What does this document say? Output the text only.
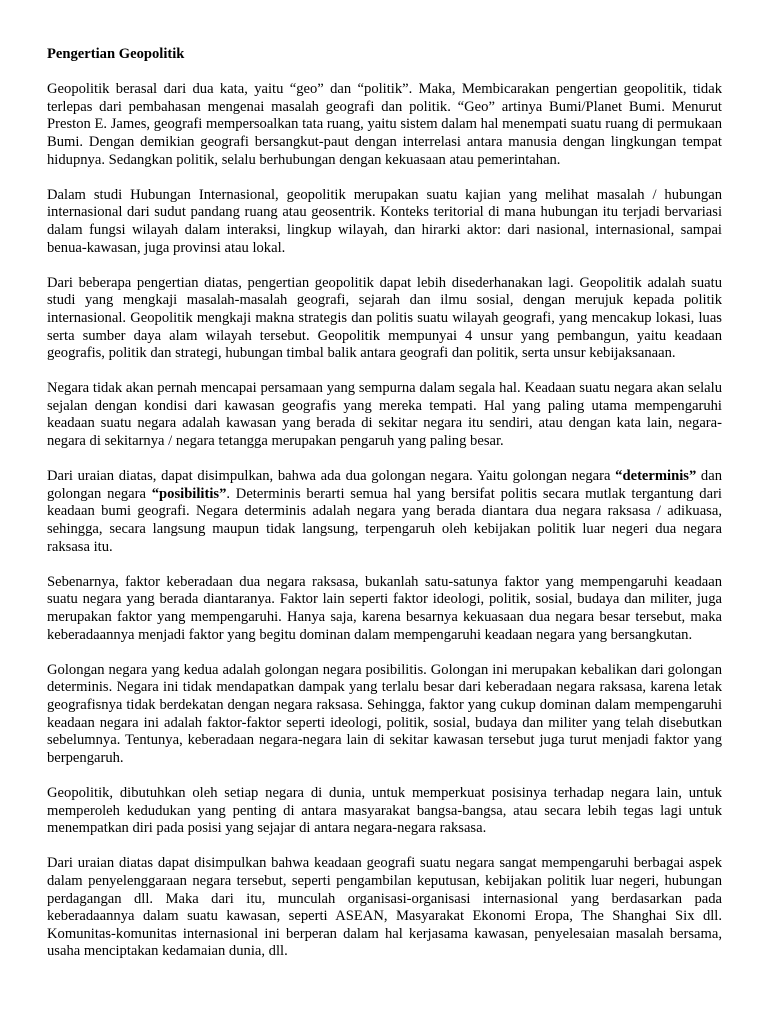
Pengertian Geopolitik

Geopolitik berasal dari dua kata, yaitu “geo” dan “politik”. Maka, Membicarakan pengertian geopolitik, tidak terlepas dari pembahasan mengenai masalah geografi dan politik. “Geo” artinya Bumi/Planet Bumi. Menurut Preston E. James, geografi mempersoalkan tata ruang, yaitu sistem dalam hal menempati suatu ruang di permukaan Bumi. Dengan demikian geografi bersangkut-paut dengan interrelasi antara manusia dengan lingkungan tempat hidupnya. Sedangkan politik, selalu berhubungan dengan kekuasaan atau pemerintahan.

Dalam studi Hubungan Internasional, geopolitik merupakan suatu kajian yang melihat masalah / hubungan internasional dari sudut pandang ruang atau geosentrik. Konteks teritorial di mana hubungan itu terjadi bervariasi dalam fungsi wilayah dalam interaksi, lingkup wilayah, dan hirarki aktor: dari nasional, internasional, sampai benua-kawasan, juga provinsi atau lokal.

Dari beberapa pengertian diatas, pengertian geopolitik dapat lebih disederhanakan lagi. Geopolitik adalah suatu studi yang mengkaji masalah-masalah geografi, sejarah dan ilmu sosial, dengan merujuk kepada politik internasional. Geopolitik mengkaji makna strategis dan politis suatu wilayah geografi, yang mencakup lokasi, luas serta sumber daya alam wilayah tersebut. Geopolitik mempunyai 4 unsur yang pembangun, yaitu keadaan geografis, politik dan strategi, hubungan timbal balik antara geografi dan politik, serta unsur kebijaksanaan.

Negara tidak akan pernah mencapai persamaan yang sempurna dalam segala hal. Keadaan suatu negara akan selalu sejalan dengan kondisi dari kawasan geografis yang mereka tempati. Hal yang paling utama mempengaruhi keadaan suatu negara adalah kawasan yang berada di sekitar negara itu sendiri, atau dengan kata lain, negara-negara di sekitarnya / negara tetangga merupakan pengaruh yang paling besar.

Dari uraian diatas, dapat disimpulkan, bahwa ada dua golongan negara. Yaitu golongan negara “determinis” dan golongan negara “posibilitis”. Determinis berarti semua hal yang bersifat politis secara mutlak tergantung dari keadaan bumi geografi. Negara determinis adalah negara yang berada diantara dua negara raksasa / adikuasa, sehingga, secara langsung maupun tidak langsung, terpengaruh oleh kebijakan politik luar negeri dua negara raksasa itu.

Sebenarnya, faktor keberadaan dua negara raksasa, bukanlah satu-satunya faktor yang mempengaruhi keadaan suatu negara yang berada diantaranya. Faktor lain seperti faktor ideologi, politik, sosial, budaya dan militer, juga merupakan faktor yang mempengaruhi. Hanya saja, karena besarnya kekuasaan dua negara besar tersebut, maka keberadaannya menjadi faktor yang begitu dominan dalam mempengaruhi keadaan negara yang bersangkutan.

Golongan negara yang kedua adalah golongan negara posibilitis. Golongan ini merupakan kebalikan dari golongan determinis. Negara ini tidak mendapatkan dampak yang terlalu besar dari keberadaan negara raksasa, karena letak geografisnya tidak berdekatan dengan negara raksasa. Sehingga, faktor yang cukup dominan dalam mempengaruhi keadaan negara ini adalah faktor-faktor seperti ideologi, politik, sosial, budaya dan militer yang telah disebutkan sebelumnya. Tentunya, keberadaan negara-negara lain di sekitar kawasan tersebut juga turut menjadi faktor yang berpengaruh.

Geopolitik, dibutuhkan oleh setiap negara di dunia, untuk memperkuat posisinya terhadap negara lain, untuk memperoleh kedudukan yang penting di antara masyarakat bangsa-bangsa, atau secara lebih tegas lagi untuk menempatkan diri pada posisi yang sejajar di antara negara-negara raksasa.

Dari uraian diatas dapat disimpulkan bahwa keadaan geografi suatu negara sangat mempengaruhi berbagai aspek dalam penyelenggaraan negara tersebut, seperti pengambilan keputusan, kebijakan politik luar negeri, hubungan perdagangan dll. Maka dari itu, munculah organisasi-organisasi internasional yang berdasarkan pada keberadaannya dalam suatu kawasan, seperti ASEAN, Masyarakat Ekonomi Eropa, The Shanghai Six dll. Komunitas-komunitas internasional ini berperan dalam hal kerjasama kawasan, penyelesaian masalah bersama, usaha menciptakan kedamaian dunia, dll.
